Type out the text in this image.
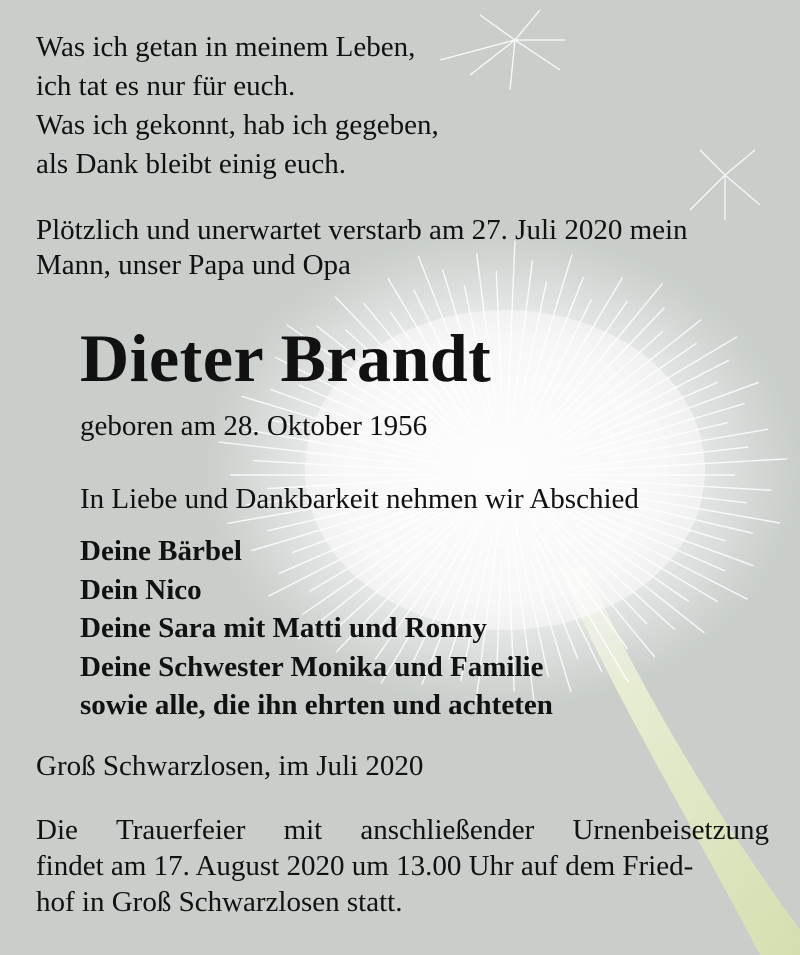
Was ich getan in meinem Leben,
ich tat es nur für euch.
Was ich gekonnt, hab ich gegeben,
als Dank bleibt einig euch.
Plötzlich und unerwartet verstarb am 27. Juli 2020 mein
Mann, unser Papa und Opa
Dieter Brandt
geboren am 28. Oktober 1956
In Liebe und Dankbarkeit nehmen wir Abschied
Deine Bärbel
Dein Nico
Deine Sara mit Matti und Ronny
Deine Schwester Monika und Familie
sowie alle, die ihn ehrten und achteten
Groß Schwarzlosen, im Juli 2020
Die Trauerfeier mit anschließender Urnenbeisetzung
findet am 17. August 2020 um 13.00 Uhr auf dem Fried-
hof in Groß Schwarzlosen statt.
